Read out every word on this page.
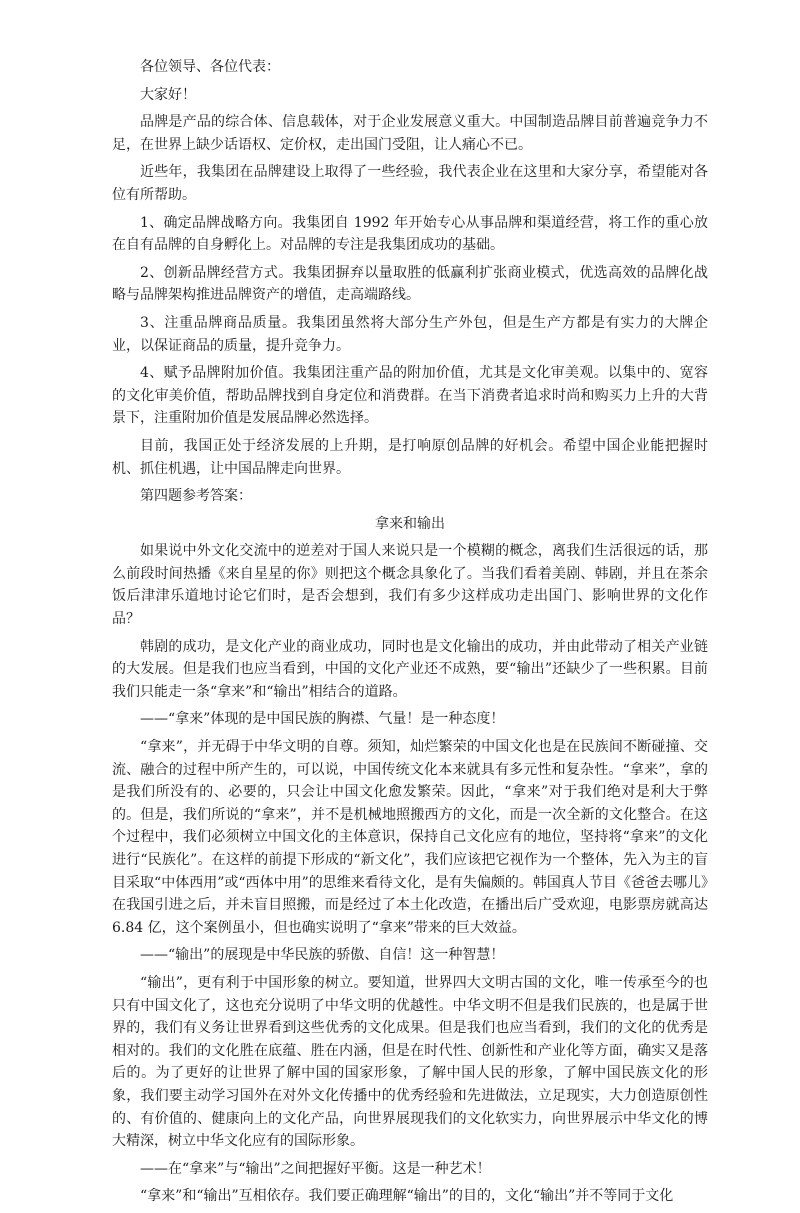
各位领导、各位代表：

大家好！

品牌是产品的综合体、信息载体，对于企业发展意义重大。中国制造品牌目前普遍竞争力不足，在世界上缺少话语权、定价权，走出国门受阻，让人痛心不已。

近些年，我集团在品牌建设上取得了一些经验，我代表企业在这里和大家分享，希望能对各位有所帮助。

1、确定品牌战略方向。我集团自 1992 年开始专心从事品牌和渠道经营，将工作的重心放在自有品牌的自身孵化上。对品牌的专注是我集团成功的基础。

2、创新品牌经营方式。我集团摒弃以量取胜的低赢利扩张商业模式，优选高效的品牌化战略与品牌架构推进品牌资产的增值，走高端路线。

3、注重品牌商品质量。我集团虽然将大部分生产外包，但是生产方都是有实力的大牌企业，以保证商品的质量，提升竞争力。

4、赋予品牌附加价值。我集团注重产品的附加价值，尤其是文化审美观。以集中的、宽容的文化审美价值，帮助品牌找到自身定位和消费群。在当下消费者追求时尚和购买力上升的大背景下，注重附加价值是发展品牌必然选择。

目前，我国正处于经济发展的上升期，是打响原创品牌的好机会。希望中国企业能把握时机、抓住机遇，让中国品牌走向世界。

第四题参考答案：

拿来和输出

如果说中外文化交流中的逆差对于国人来说只是一个模糊的概念，离我们生活很远的话，那么前段时间热播《来自星星的你》则把这个概念具象化了。当我们看着美剧、韩剧，并且在茶余饭后津津乐道地讨论它们时，是否会想到，我们有多少这样成功走出国门、影响世界的文化作品？

韩剧的成功，是文化产业的商业成功，同时也是文化输出的成功，并由此带动了相关产业链的大发展。但是我们也应当看到，中国的文化产业还不成熟，要“输出”还缺少了一些积累。目前我们只能走一条“拿来”和“输出”相结合的道路。

——“拿来”体现的是中国民族的胸襟、气量！是一种态度！

“拿来”，并无碍于中华文明的自尊。须知，灿烂繁荣的中国文化也是在民族间不断碰撞、交流、融合的过程中所产生的，可以说，中国传统文化本来就具有多元性和复杂性。“拿来”，拿的是我们所没有的、必要的，只会让中国文化愈发繁荣。因此，“拿来”对于我们绝对是利大于弊的。但是，我们所说的“拿来”，并不是机械地照搬西方的文化，而是一次全新的文化整合。在这个过程中，我们必须树立中国文化的主体意识，保持自己文化应有的地位，坚持将“拿来”的文化进行“民族化”。在这样的前提下形成的“新文化”，我们应该把它视作为一个整体，先入为主的盲目采取“中体西用”或“西体中用”的思维来看待文化，是有失偏颇的。韩国真人节目《爸爸去哪儿》在我国引进之后，并未盲目照搬，而是经过了本土化改造，在播出后广受欢迎，电影票房就高达 6.84 亿，这个案例虽小，但也确实说明了“拿来”带来的巨大效益。

——“输出”的展现是中华民族的骄傲、自信！这一种智慧！

“输出”，更有利于中国形象的树立。要知道，世界四大文明古国的文化，唯一传承至今的也只有中国文化了，这也充分说明了中华文明的优越性。中华文明不但是我们民族的，也是属于世界的，我们有义务让世界看到这些优秀的文化成果。但是我们也应当看到，我们的文化的优秀是相对的。我们的文化胜在底蕴、胜在内涵，但是在时代性、创新性和产业化等方面，确实又是落后的。为了更好的让世界了解中国的国家形象，了解中国人民的形象，了解中国民族文化的形象，我们要主动学习国外在对外文化传播中的优秀经验和先进做法，立足现实，大力创造原创性的、有价值的、健康向上的文化产品，向世界展现我们的文化软实力，向世界展示中华文化的博大精深，树立中华文化应有的国际形象。

——在“拿来”与“输出”之间把握好平衡。这是一种艺术！

“拿来”和“输出”互相依存。我们要正确理解“输出”的目的，文化“输出”并不等同于文化
